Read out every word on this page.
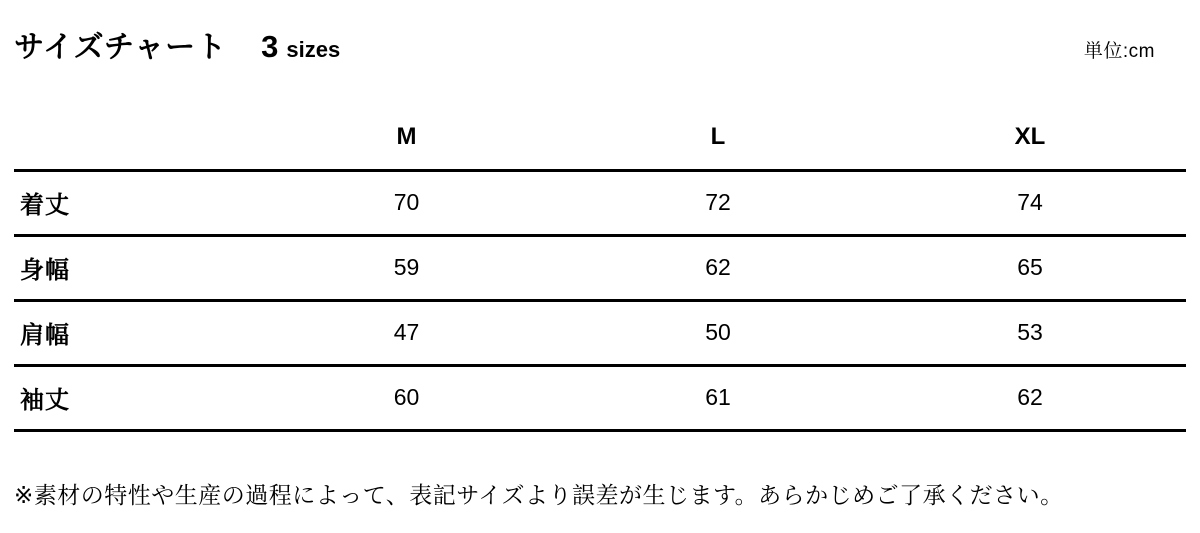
サイズチャート 3 sizes	単位:cm
	M	L	XL
着丈	70	72	74
身幅	59	62	65
肩幅	47	50	53
袖丈	60	61	62

※素材の特性や生産の過程によって、表記サイズより誤差が生じます。あらかじめご了承ください。
